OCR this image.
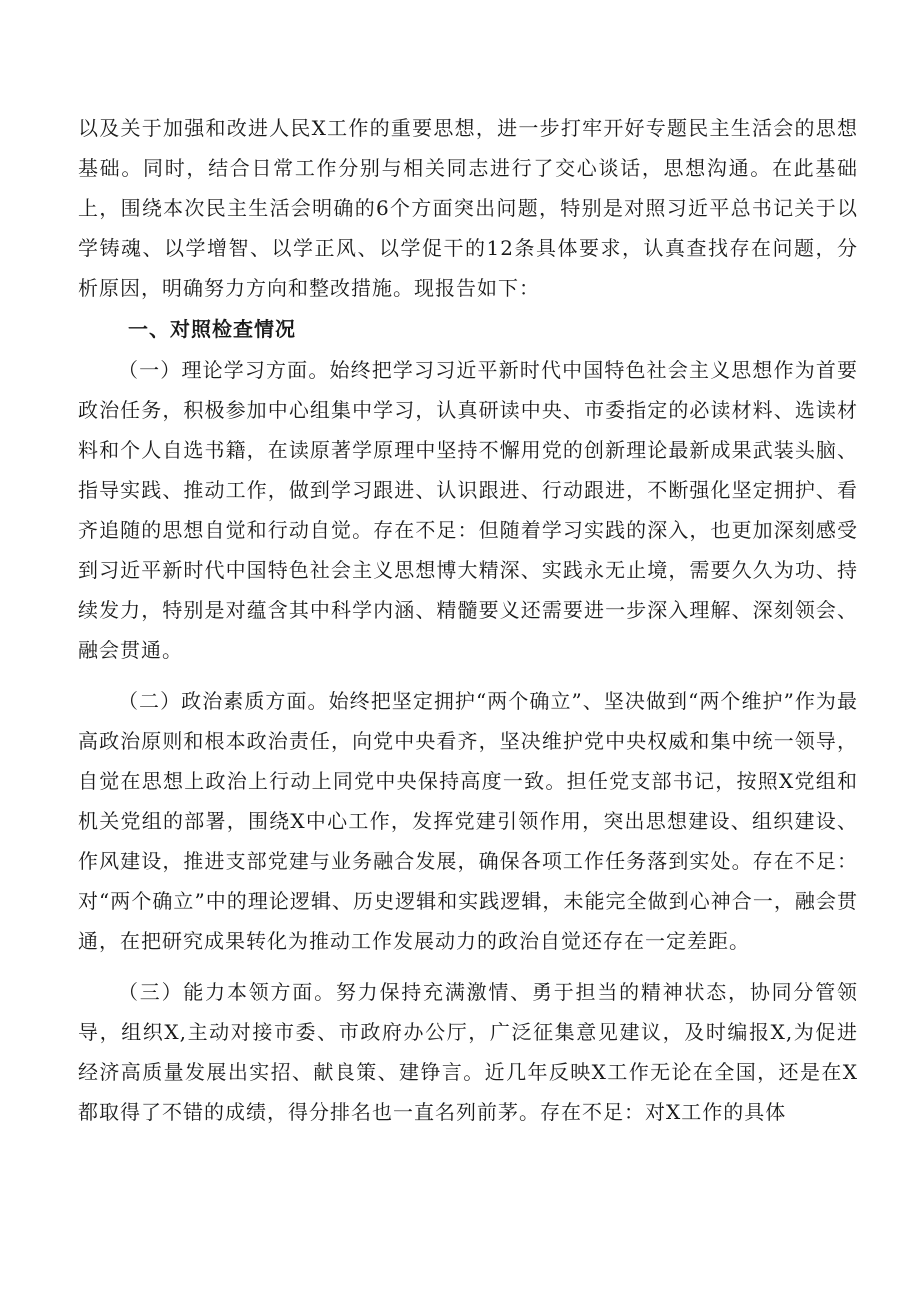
以及关于加强和改进人民X工作的重要思想，进一步打牢开好专题民主生活会的思想基础。同时，结合日常工作分别与相关同志进行了交心谈话，思想沟通。在此基础上，围绕本次民主生活会明确的6个方面突出问题，特别是对照习近平总书记关于以学铸魂、以学增智、以学正风、以学促干的12条具体要求，认真查找存在问题，分析原因，明确努力方向和整改措施。现报告如下：

一、对照检查情况

（一）理论学习方面。始终把学习习近平新时代中国特色社会主义思想作为首要政治任务，积极参加中心组集中学习，认真研读中央、市委指定的必读材料、选读材料和个人自选书籍，在读原著学原理中坚持不懈用党的创新理论最新成果武装头脑、指导实践、推动工作，做到学习跟进、认识跟进、行动跟进，不断强化坚定拥护、看齐追随的思想自觉和行动自觉。存在不足：但随着学习实践的深入，也更加深刻感受到习近平新时代中国特色社会主义思想博大精深、实践永无止境，需要久久为功、持续发力，特别是对蕴含其中科学内涵、精髓要义还需要进一步深入理解、深刻领会、融会贯通。

（二）政治素质方面。始终把坚定拥护“两个确立”、坚决做到“两个维护”作为最高政治原则和根本政治责任，向党中央看齐，坚决维护党中央权威和集中统一领导，自觉在思想上政治上行动上同党中央保持高度一致。担任党支部书记，按照X党组和机关党组的部署，围绕X中心工作，发挥党建引领作用，突出思想建设、组织建设、作风建设，推进支部党建与业务融合发展，确保各项工作任务落到实处。存在不足：对“两个确立”中的理论逻辑、历史逻辑和实践逻辑，未能完全做到心神合一，融会贯通，在把研究成果转化为推动工作发展动力的政治自觉还存在一定差距。

（三）能力本领方面。努力保持充满激情、勇于担当的精神状态，协同分管领导，组织X,主动对接市委、市政府办公厅，广泛征集意见建议，及时编报X,为促进经济高质量发展出实招、献良策、建铮言。近几年反映X工作无论在全国，还是在X都取得了不错的成绩，得分排名也一直名列前茅。存在不足：对X工作的具体
